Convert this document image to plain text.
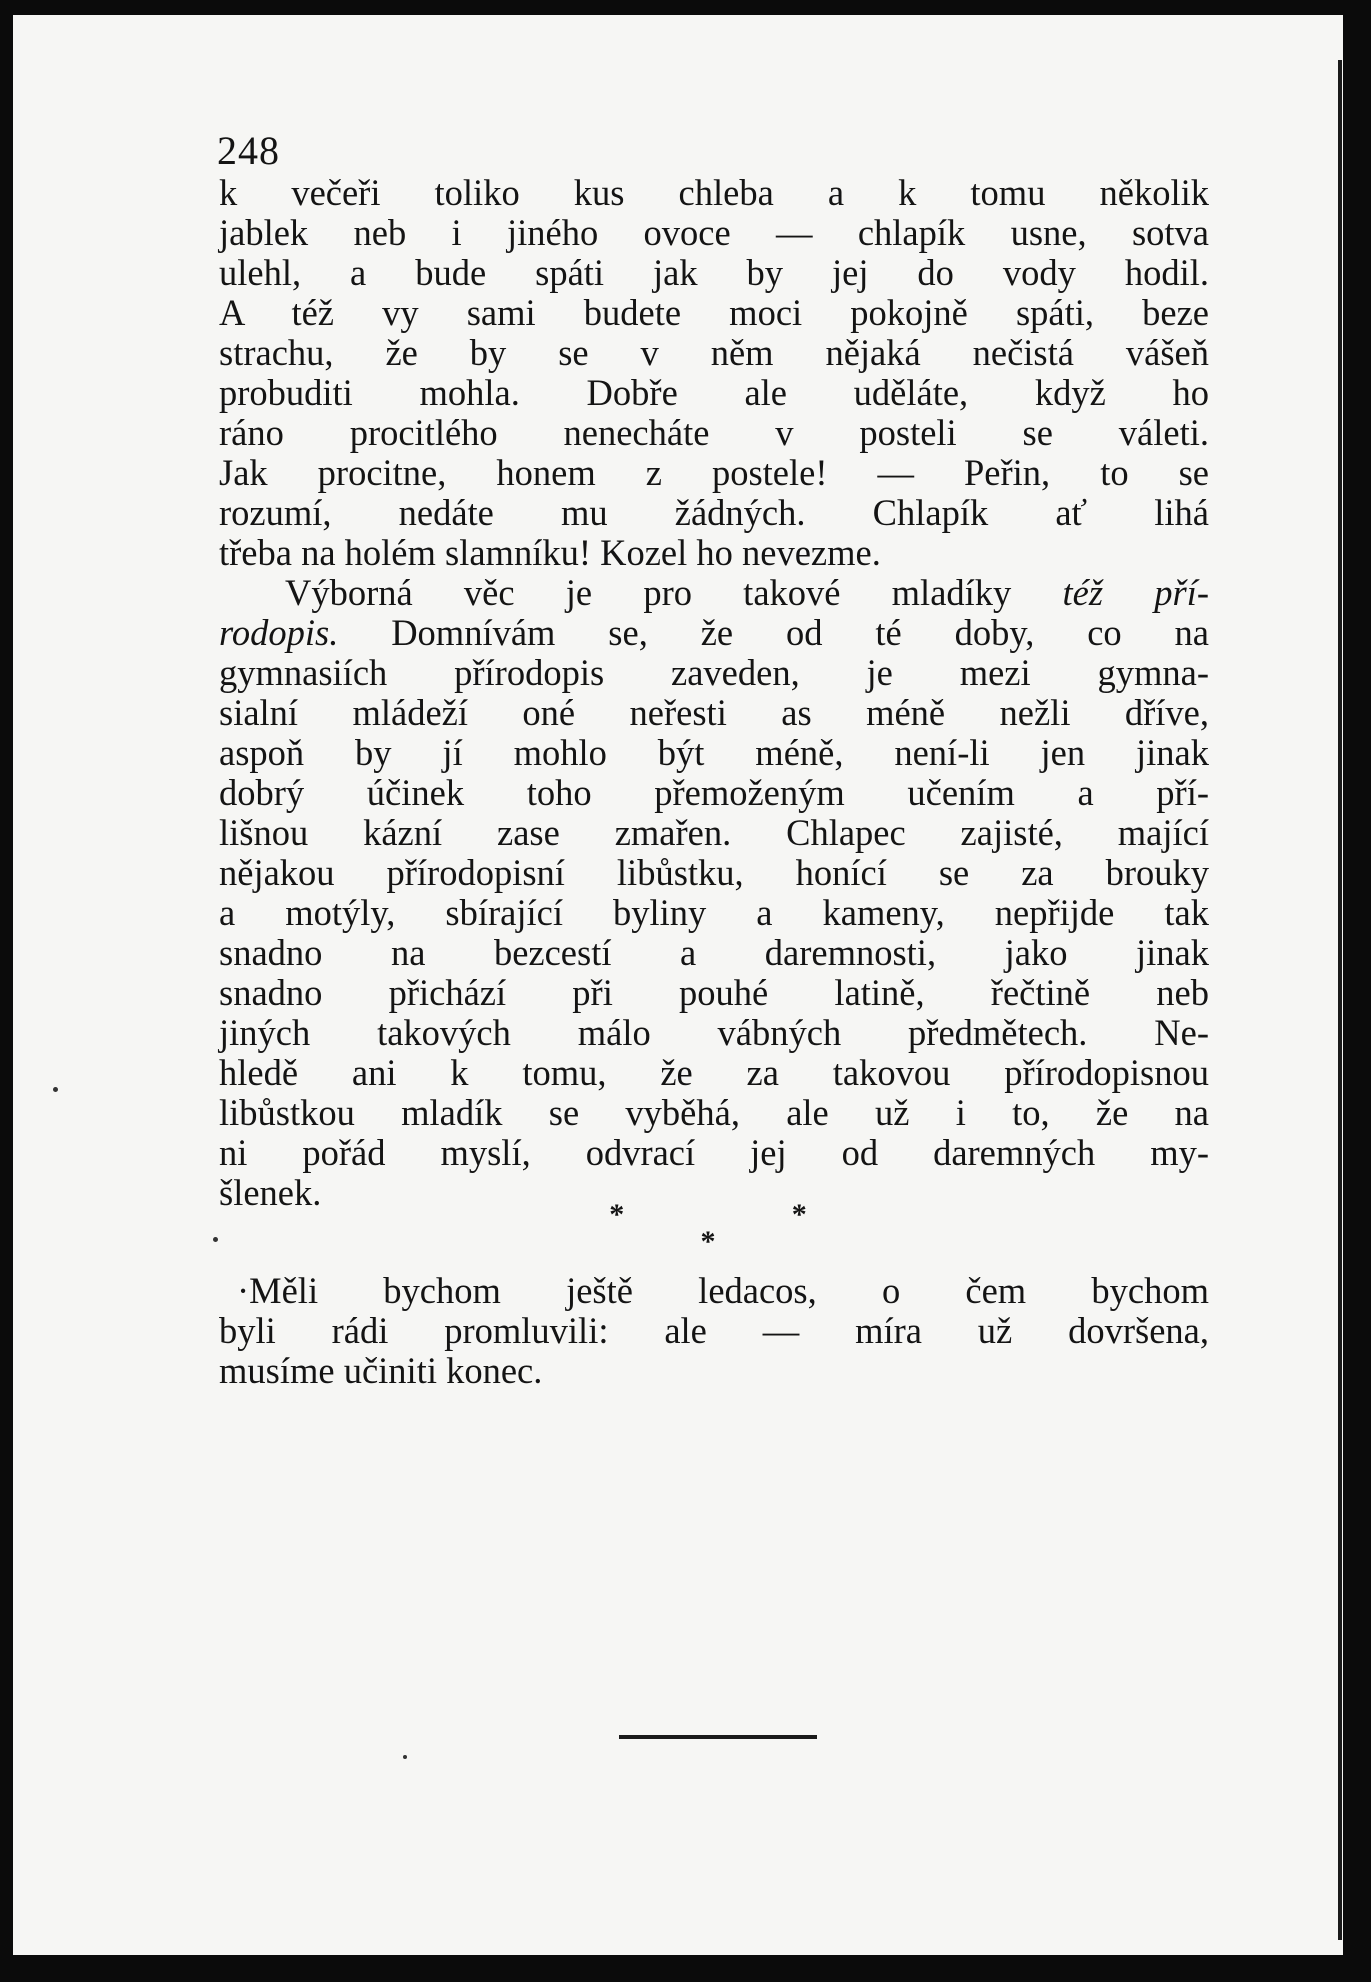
248
k večeři toliko kus chleba a k tomu několik
jablek neb i jiného ovoce — chlapík usne, sotva
ulehl, a bude spáti jak by jej do vody hodil.
A též vy sami budete moci pokojně spáti, beze
strachu, že by se v něm nějaká nečistá vášeň
probuditi mohla. Dobře ale uděláte, když ho
ráno procitlého nenecháte v posteli se váleti.
Jak procitne, honem z postele! — Peřin, to se
rozumí, nedáte mu žádných. Chlapík ať lihá
třeba na holém slamníku! Kozel ho nevezme.
Výborná věc je pro takové mladíky též pří-
rodopis. Domnívám se, že od té doby, co na
gymnasiích přírodopis zaveden, je mezi gymna-
sialní mládeží oné neřesti as méně nežli dříve,
aspoň by jí mohlo být méně, není-li jen jinak
dobrý účinek toho přemoženým učením a pří-
lišnou kázní zase zmařen. Chlapec zajisté, mající
nějakou přírodopisní libůstku, honící se za brouky
a motýly, sbírající byliny a kameny, nepřijde tak
snadno na bezcestí a daremnosti, jako jinak
snadno přichází při pouhé latině, řečtině neb
jiných takových málo vábných předmětech. Ne-
hledě ani k tomu, že za takovou přírodopisnou
libůstkou mladík se vyběhá, ale už i to, že na
ni pořád myslí, odvrací jej od daremných my-
šlenek.
* *
*
·Měli bychom ještě ledacos, o čem bychom
byli rádi promluvili: ale — míra už dovršena,
musíme učiniti konec.
